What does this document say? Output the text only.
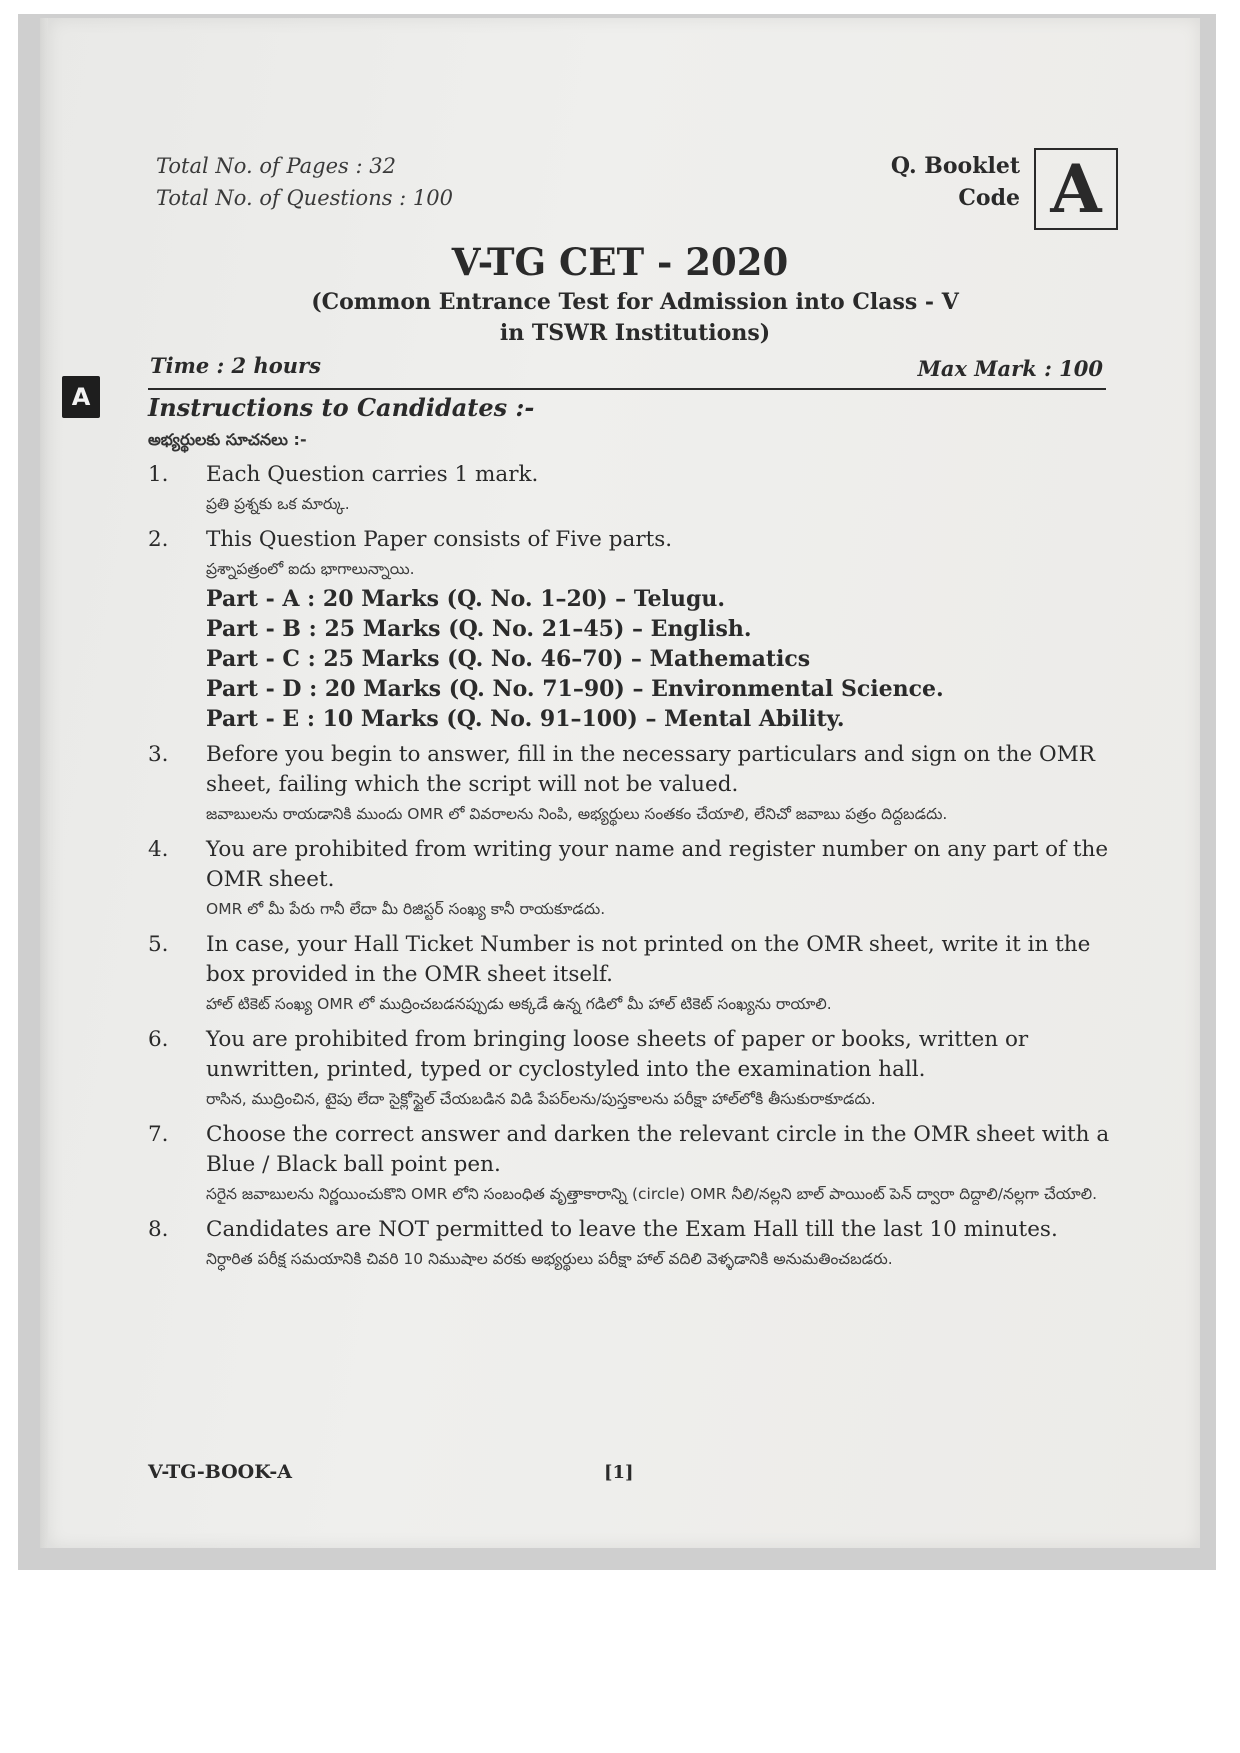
Total No. of Pages : 32
Total No. of Questions : 100
Q. Booklet
Code A
V-TG CET - 2020
(Common Entrance Test for Admission into Class - V
in TSWR Institutions)
Time : 2 hours	Max Mark : 100
A	Instructions to Candidates :-
అభ్యర్థులకు సూచనలు :-
1. Each Question carries 1 mark.
ప్రతి ప్రశ్నకు ఒక మార్కు.
2. This Question Paper consists of Five parts.
ప్రశ్నాపత్రంలో ఐదు భాగాలున్నాయి.
Part - A : 20 Marks (Q. No. 1–20) – Telugu.
Part - B : 25 Marks (Q. No. 21–45) – English.
Part - C : 25 Marks (Q. No. 46–70) – Mathematics
Part - D : 20 Marks (Q. No. 71–90) – Environmental Science.
Part - E : 10 Marks (Q. No. 91–100) – Mental Ability.
3. Before you begin to answer, fill in the necessary particulars and sign on the OMR sheet, failing which the script will not be valued.
జవాబులను రాయడానికి ముందు OMR లో వివరాలను నింపి, అభ్యర్థులు సంతకం చేయాలి, లేనిచో జవాబు పత్రం దిద్దబడదు.
4. You are prohibited from writing your name and register number on any part of the OMR sheet.
OMR లో మీ పేరు గానీ లేదా మీ రిజిస్టర్ సంఖ్య కానీ రాయకూడదు.
5. In case, your Hall Ticket Number is not printed on the OMR sheet, write it in the box provided in the OMR sheet itself.
హాల్ టికెట్ సంఖ్య OMR లో ముద్రించబడనప్పుడు అక్కడే ఉన్న గడిలో మీ హాల్ టికెట్ సంఖ్యను రాయాలి.
6. You are prohibited from bringing loose sheets of paper or books, written or unwritten, printed, typed or cyclostyled into the examination hall.
రాసిన, ముద్రించిన, టైపు లేదా సైక్లోస్టైల్ చేయబడిన విడి పేపర్‌లను/పుస్తకాలను పరీక్షా హాల్‌లోకి తీసుకురాకూడదు.
7. Choose the correct answer and darken the relevant circle in the OMR sheet with a Blue / Black ball point pen.
సరైన జవాబులను నిర్ణయించుకొని OMR లోని సంబంధిత వృత్తాకారాన్ని (circle) OMR నీలి/నల్లని బాల్ పాయింట్ పెన్ ద్వారా దిద్దాలి/నల్లగా చేయాలి.
8. Candidates are NOT permitted to leave the Exam Hall till the last 10 minutes.
నిర్ధారిత పరీక్ష సమయానికి చివరి 10 నిముషాల వరకు అభ్యర్థులు పరీక్షా హాల్ వదిలి వెళ్ళడానికి అనుమతించబడరు.
V-TG-BOOK-A	[1]
